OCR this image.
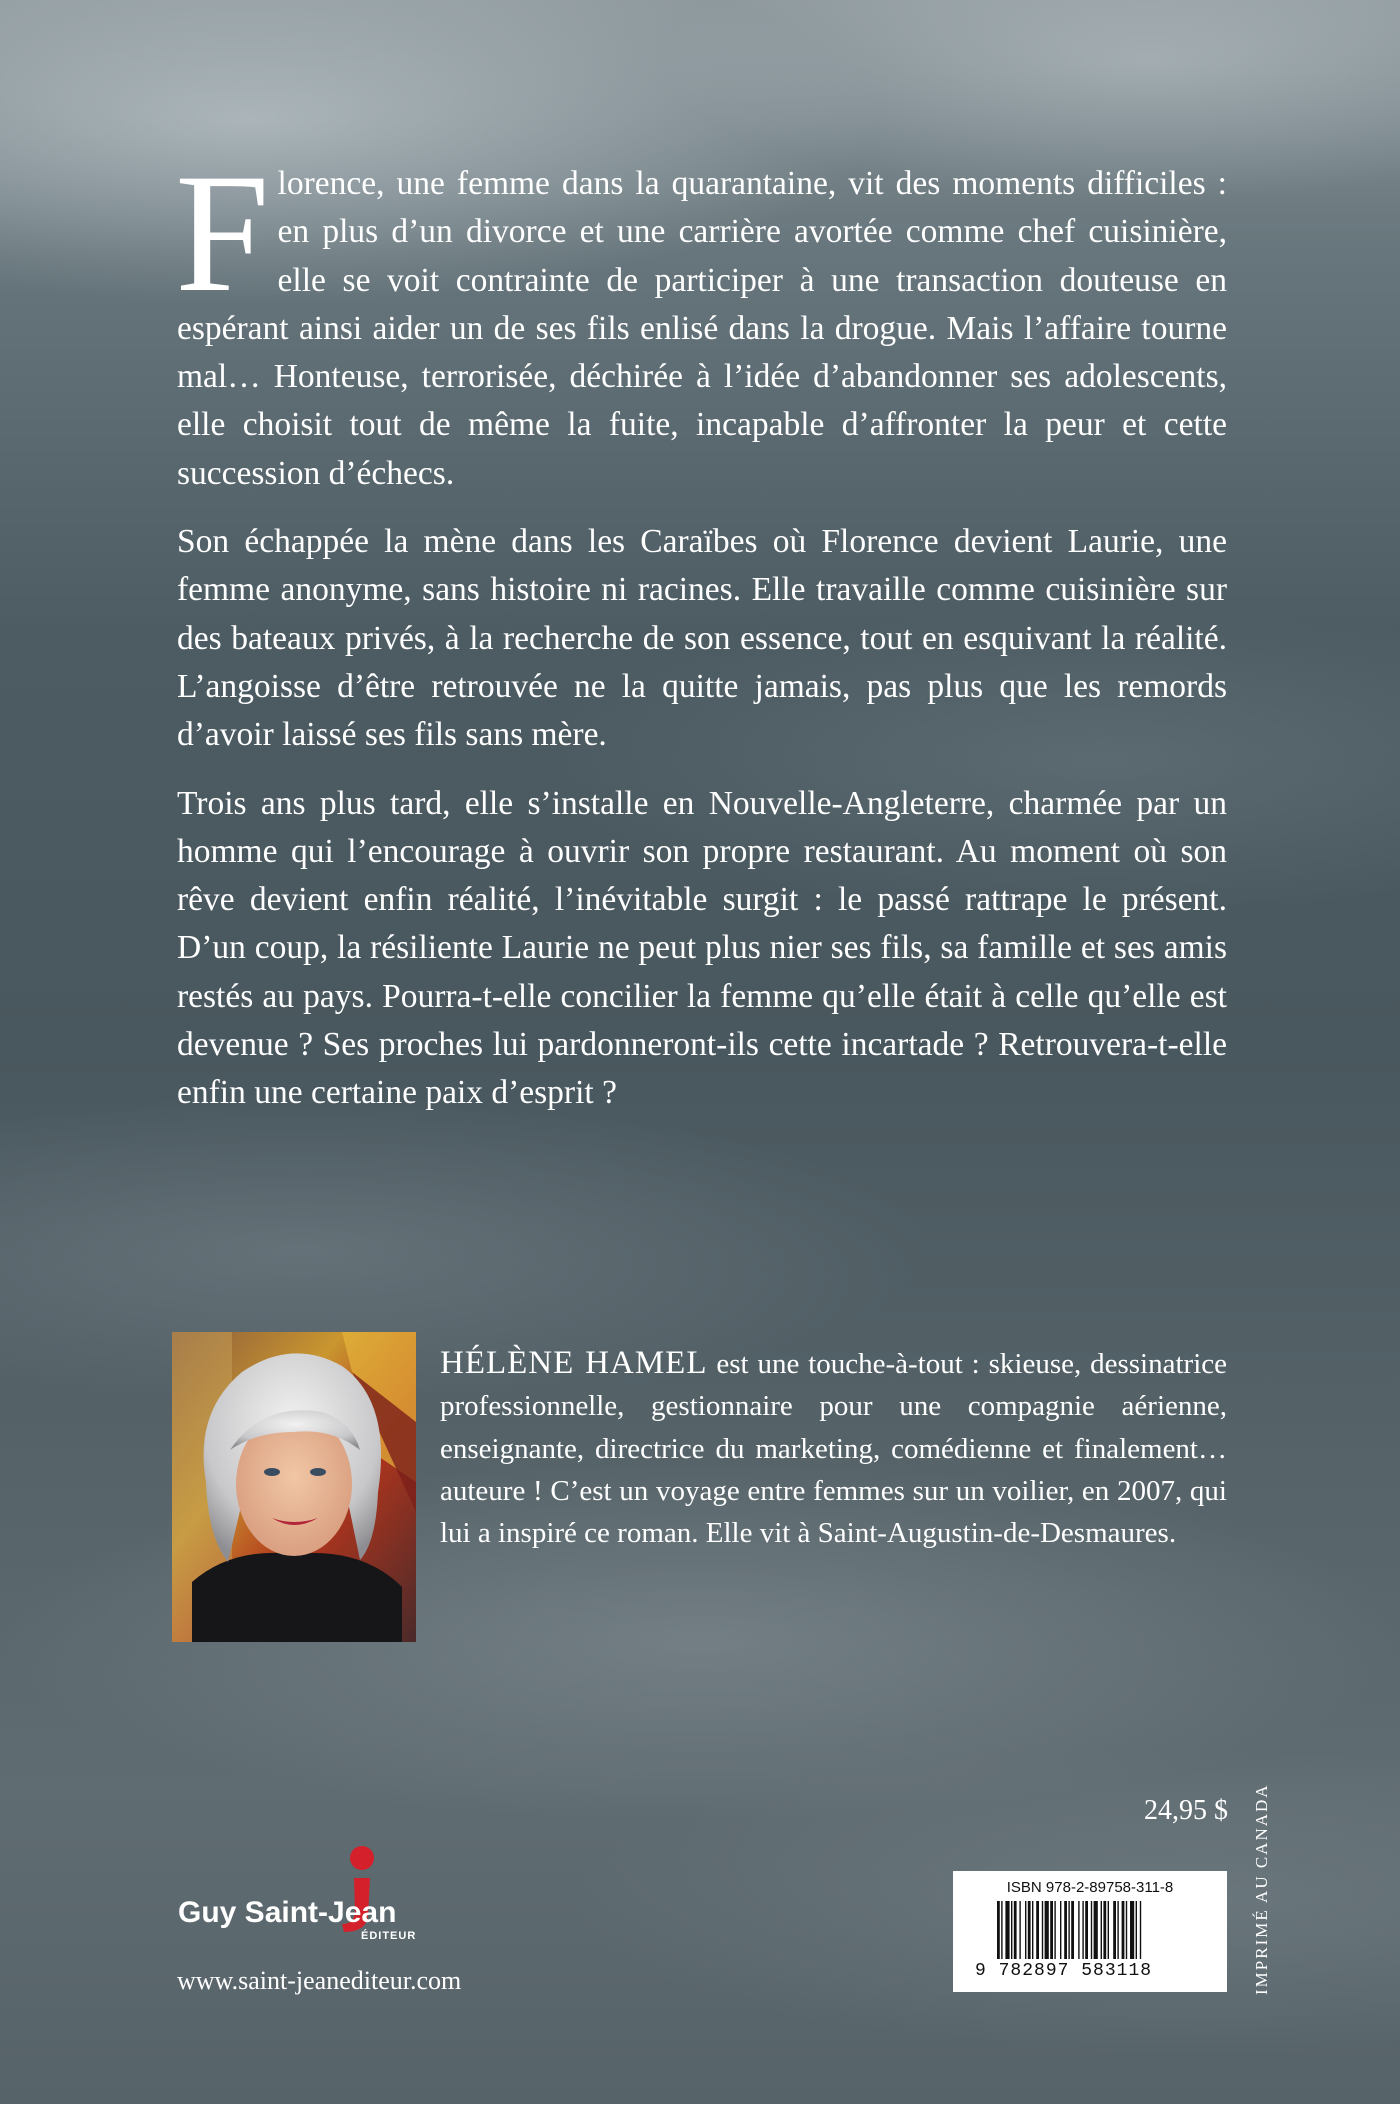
Florence, une femme dans la quarantaine, vit des moments difficiles : en plus d’un divorce et une carrière avortée comme chef cuisinière, elle se voit contrainte de participer à une transaction douteuse en espérant ainsi aider un de ses fils enlisé dans la drogue. Mais l’affaire tourne mal… Honteuse, terrorisée, déchirée à l’idée d’abandonner ses adolescents, elle choisit tout de même la fuite, incapable d’affronter la peur et cette succession d’échecs.

Son échappée la mène dans les Caraïbes où Florence devient Laurie, une femme anonyme, sans histoire ni racines. Elle travaille comme cuisinière sur des bateaux privés, à la recherche de son essence, tout en esquivant la réalité. L’angoisse d’être retrouvée ne la quitte jamais, pas plus que les remords d’avoir laissé ses fils sans mère.

Trois ans plus tard, elle s’installe en Nouvelle-Angleterre, charmée par un homme qui l’encourage à ouvrir son propre restaurant. Au moment où son rêve devient enfin réalité, l’inévitable surgit : le passé rattrape le présent. D’un coup, la résiliente Laurie ne peut plus nier ses fils, sa famille et ses amis restés au pays. Pourra-t-elle concilier la femme qu’elle était à celle qu’elle est devenue ? Ses proches lui pardonneront-ils cette incartade ? Retrouvera-t-elle enfin une certaine paix d’esprit ?

HÉLÈNE HAMEL est une touche-à-tout : skieuse, dessinatrice professionnelle, gestionnaire pour une compagnie aérienne, enseignante, directrice du marketing, comédienne et finalement… auteure ! C’est un voyage entre femmes sur un voilier, en 2007, qui lui a inspiré ce roman. Elle vit à Saint-Augustin-de-Desmaures.
24,95 $
ISBN 978-2-89758-311-8
9 782897 583118	IMPRIMÉ AU CANADA
Guy Saint-Jean
ÉDITEUR
www.saint-jeanediteur.com
